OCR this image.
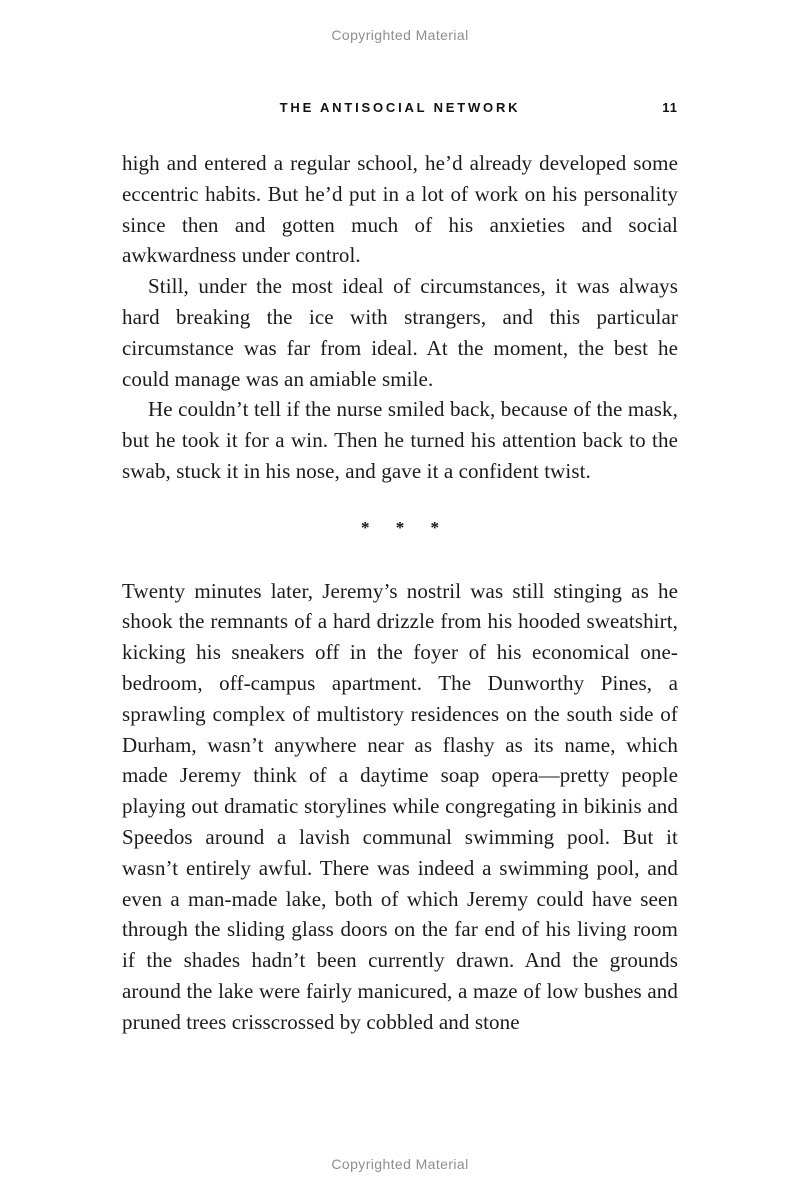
Copyrighted Material
THE ANTISOCIAL NETWORK	11

high and entered a regular school, he’d already developed some eccentric habits. But he’d put in a lot of work on his personality since then and gotten much of his anxieties and social awkwardness under control.

Still, under the most ideal of circumstances, it was always hard breaking the ice with strangers, and this particular circumstance was far from ideal. At the moment, the best he could manage was an amiable smile.

He couldn’t tell if the nurse smiled back, because of the mask, but he took it for a win. Then he turned his attention back to the swab, stuck it in his nose, and gave it a confident twist.

* * *

Twenty minutes later, Jeremy’s nostril was still stinging as he shook the remnants of a hard drizzle from his hooded sweatshirt, kicking his sneakers off in the foyer of his economical one-bedroom, off-campus apartment. The Dunworthy Pines, a sprawling complex of multistory residences on the south side of Durham, wasn’t anywhere near as flashy as its name, which made Jeremy think of a daytime soap opera—pretty people playing out dramatic storylines while congregating in bikinis and Speedos around a lavish communal swimming pool. But it wasn’t entirely awful. There was indeed a swimming pool, and even a man-made lake, both of which Jeremy could have seen through the sliding glass doors on the far end of his living room if the shades hadn’t been currently drawn. And the grounds around the lake were fairly manicured, a maze of low bushes and pruned trees crisscrossed by cobbled and stone

Copyrighted Material
